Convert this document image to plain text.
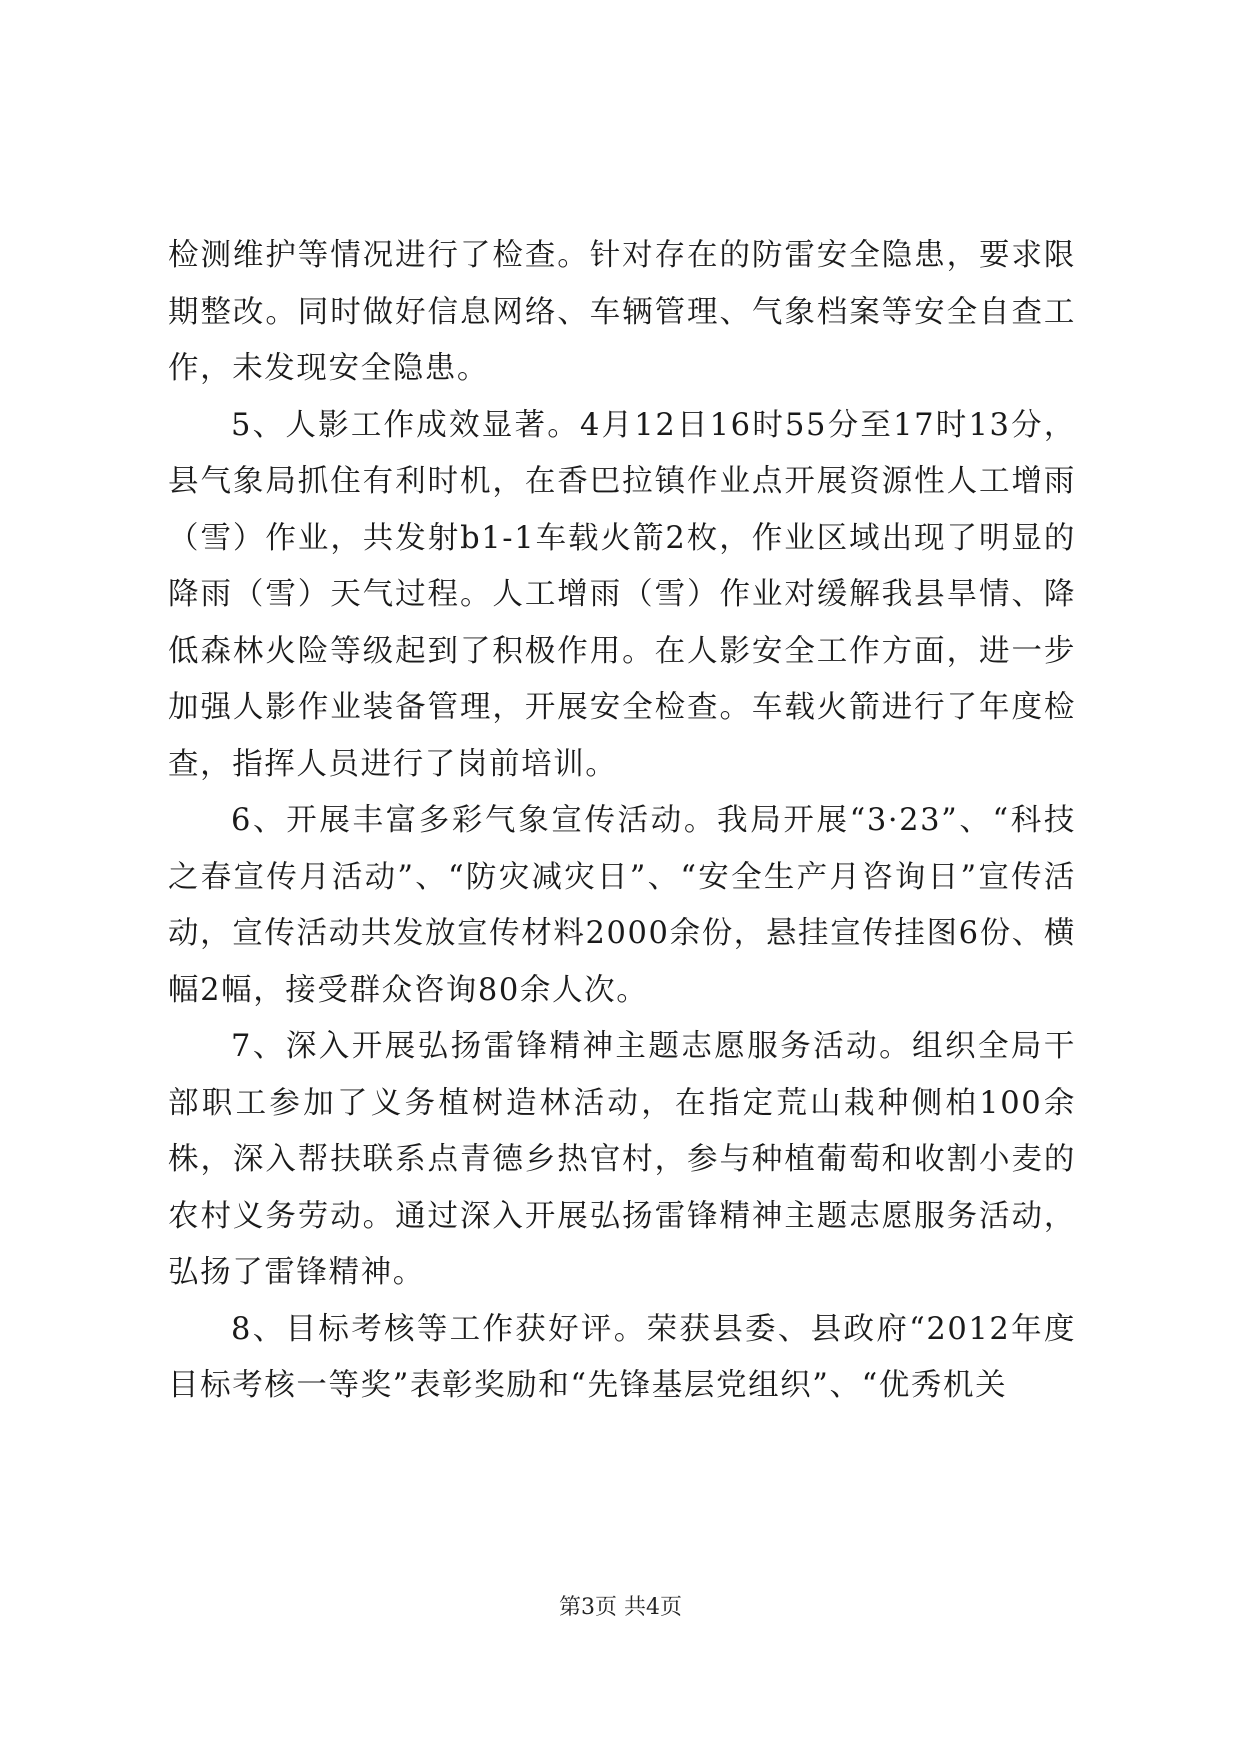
检测维护等情况进行了检查。针对存在的防雷安全隐患，要求限期整改。同时做好信息网络、车辆管理、气象档案等安全自查工作，未发现安全隐患。

5、人影工作成效显著。4月12日16时55分至17时13分，县气象局抓住有利时机，在香巴拉镇作业点开展资源性人工增雨（雪）作业，共发射b1-1车载火箭2枚，作业区域出现了明显的降雨（雪）天气过程。人工增雨（雪）作业对缓解我县旱情、降低森林火险等级起到了积极作用。在人影安全工作方面，进一步加强人影作业装备管理，开展安全检查。车载火箭进行了年度检查，指挥人员进行了岗前培训。

6、开展丰富多彩气象宣传活动。我局开展“3·23”、“科技之春宣传月活动”、“防灾减灾日”、“安全生产月咨询日”宣传活动，宣传活动共发放宣传材料2000余份，悬挂宣传挂图6份、横幅2幅，接受群众咨询80余人次。

7、深入开展弘扬雷锋精神主题志愿服务活动。组织全局干部职工参加了义务植树造林活动，在指定荒山栽种侧柏100余株，深入帮扶联系点青德乡热官村，参与种植葡萄和收割小麦的农村义务劳动。通过深入开展弘扬雷锋精神主题志愿服务活动，弘扬了雷锋精神。

8、目标考核等工作获好评。荣获县委、县政府“2012年度目标考核一等奖”表彰奖励和“先锋基层党组织”、“优秀机关

第3页 共4页
